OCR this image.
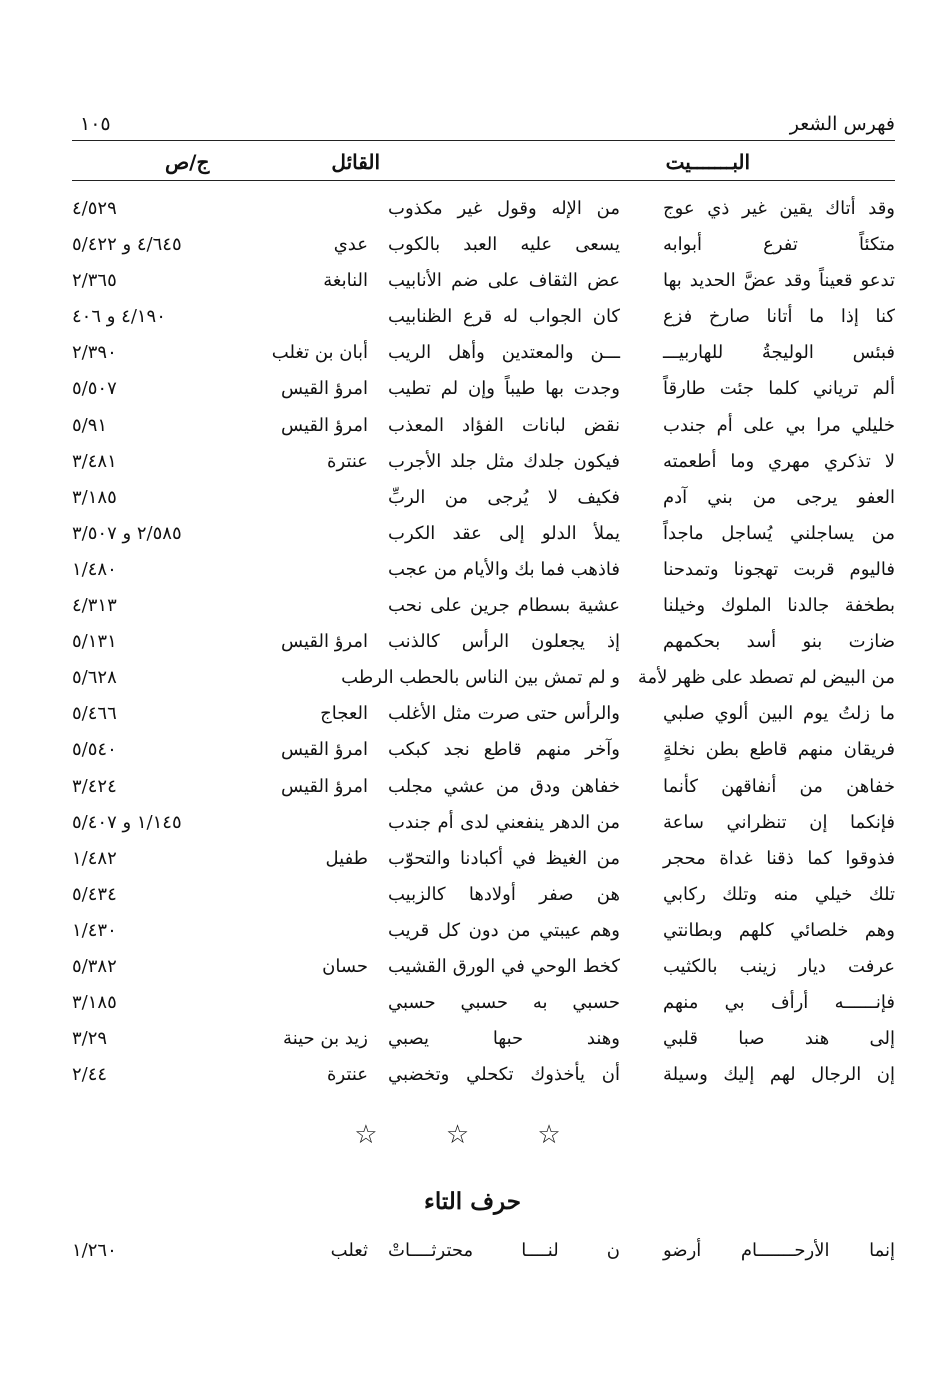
فهرس الشعر
١٠٥
البـــــــيت
القائل
ج/ص
وقد أتاك يقين غير ذي عوج
من الإله وقول غير مكذوب
٤/٥٢٩
متكئاً تفرع أبوابه
يسعى عليه العبد بالكوب
عدي
٤/٦٤٥ و ٥/٤٢٢
تدعو قعيناً وقد عضَّ الحديد بها
عض الثقاف على ضم الأنابيب
النابغة
٢/٣٦٥
كنا إذا ما أتانا صارخ فزع
كان الجواب له قرع الظنابيب
٤/١٩٠ و ٤٠٦
فبئس الوليجةُ للهاربيـــ
ـــن والمعتدين وأهل الريب
أبان بن تغلب
٢/٣٩٠
ألم ترياني كلما جئت طارقاً
وجدت بها طيباً وإن لم تطيب
امرؤ القيس
٥/٥٠٧
خليلي مرا بي على أم جندب
نقض لبانات الفؤاد المعذب
امرؤ القيس
٥/٩١
لا تذكري مهري وما أطعمته
فيكون جلدك مثل جلد الأجرب
عنترة
٣/٤٨١
العفو يرجى من بني آدم
فكيف لا يُرجى من الربِّ
٣/١٨٥
من يساجلني يُساجل ماجداً
يملأ الدلو إلى عقد الكرب
٢/٥٨٥ و ٣/٥٠٧
فاليوم قربت تهجونا وتمدحنا
فاذهب فما بك والأيام من عجب
١/٤٨٠
بطخفة جالدنا الملوك وخيلنا
عشية بسطام جرين على نحب
٤/٣١٣
ضازت بنو أسد بحكمهم
إذ يجعلون الرأس كالذنب
امرؤ القيس
٥/١٣١
من البيض لم تصطد على ظهر لأمة
و لم تمش بين الناس بالحطب الرطب
٥/٦٢٨
ما زلتُ يوم البين ألوي صلبي
والرأس حتى صرت مثل الأغلب
العجاج
٥/٤٦٦
فريقان منهم قاطع بطن نخلةٍ
وآخر منهم قاطع نجد كبكب
امرؤ القيس
٥/٥٤٠
خفاهن من أنفاقهن كأنما
خفاهن ودق من عشي مجلب
امرؤ القيس
٣/٤٢٤
فإنكما إن تنظراني ساعة
من الدهر ينفعني لدى أم جندب
١/١٤٥ و ٥/٤٠٧
فذوقوا كما ذقنا غداة محجر
من الغيظ في أكبادنا والتحوّب
طفيل
١/٤٨٢
تلك خيلي منه وتلك ركابي
هن صفر أولادها كالزبيب
٥/٤٣٤
وهم خلصائي كلهم وبطانتي
وهم عيبتي من دون كل قريب
١/٤٣٠
عرفت ديار زينب بالكثيب
كخط الوحي في الورق القشيب
حسان
٥/٣٨٢
فإنــــــه أرأف بي منهم
حسبي به حسبي حسبي
٣/١٨٥
إلى هند صبا قلبي
وهند حبها يصبي
زيد بن حينة
٣/٢٩
إن الرجال لهم إليك وسيلة
أن يأخذوك تكحلي وتخضبي
عنترة
٢/٤٤
☆ ☆ ☆
حرف التاء
إنما الأرحـــــــام أرضو
ن لنــــا محترثــــاتْ
ثعلب
١/٢٦٠
